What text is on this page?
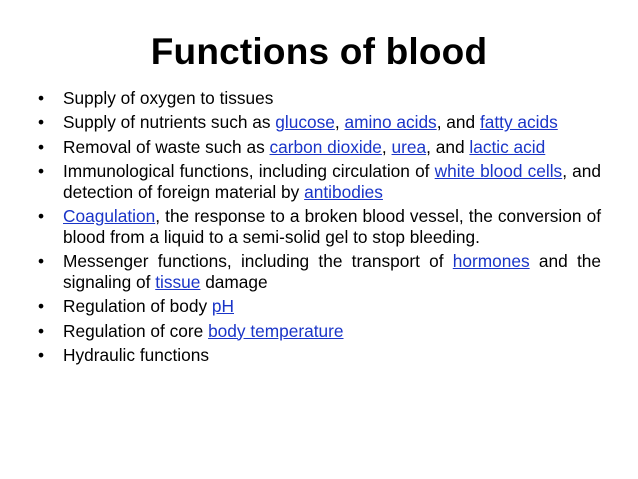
Functions of blood
• Supply of oxygen to tissues
• Supply of nutrients such as glucose, amino acids, and fatty acids
• Removal of waste such as carbon dioxide, urea, and lactic acid
• Immunological functions, including circulation of white blood cells, and detection of foreign material by antibodies
• Coagulation, the response to a broken blood vessel, the conversion of blood from a liquid to a semi-solid gel to stop bleeding.
• Messenger functions, including the transport of hormones and the signaling of tissue damage
• Regulation of body pH
• Regulation of core body temperature
• Hydraulic functions
